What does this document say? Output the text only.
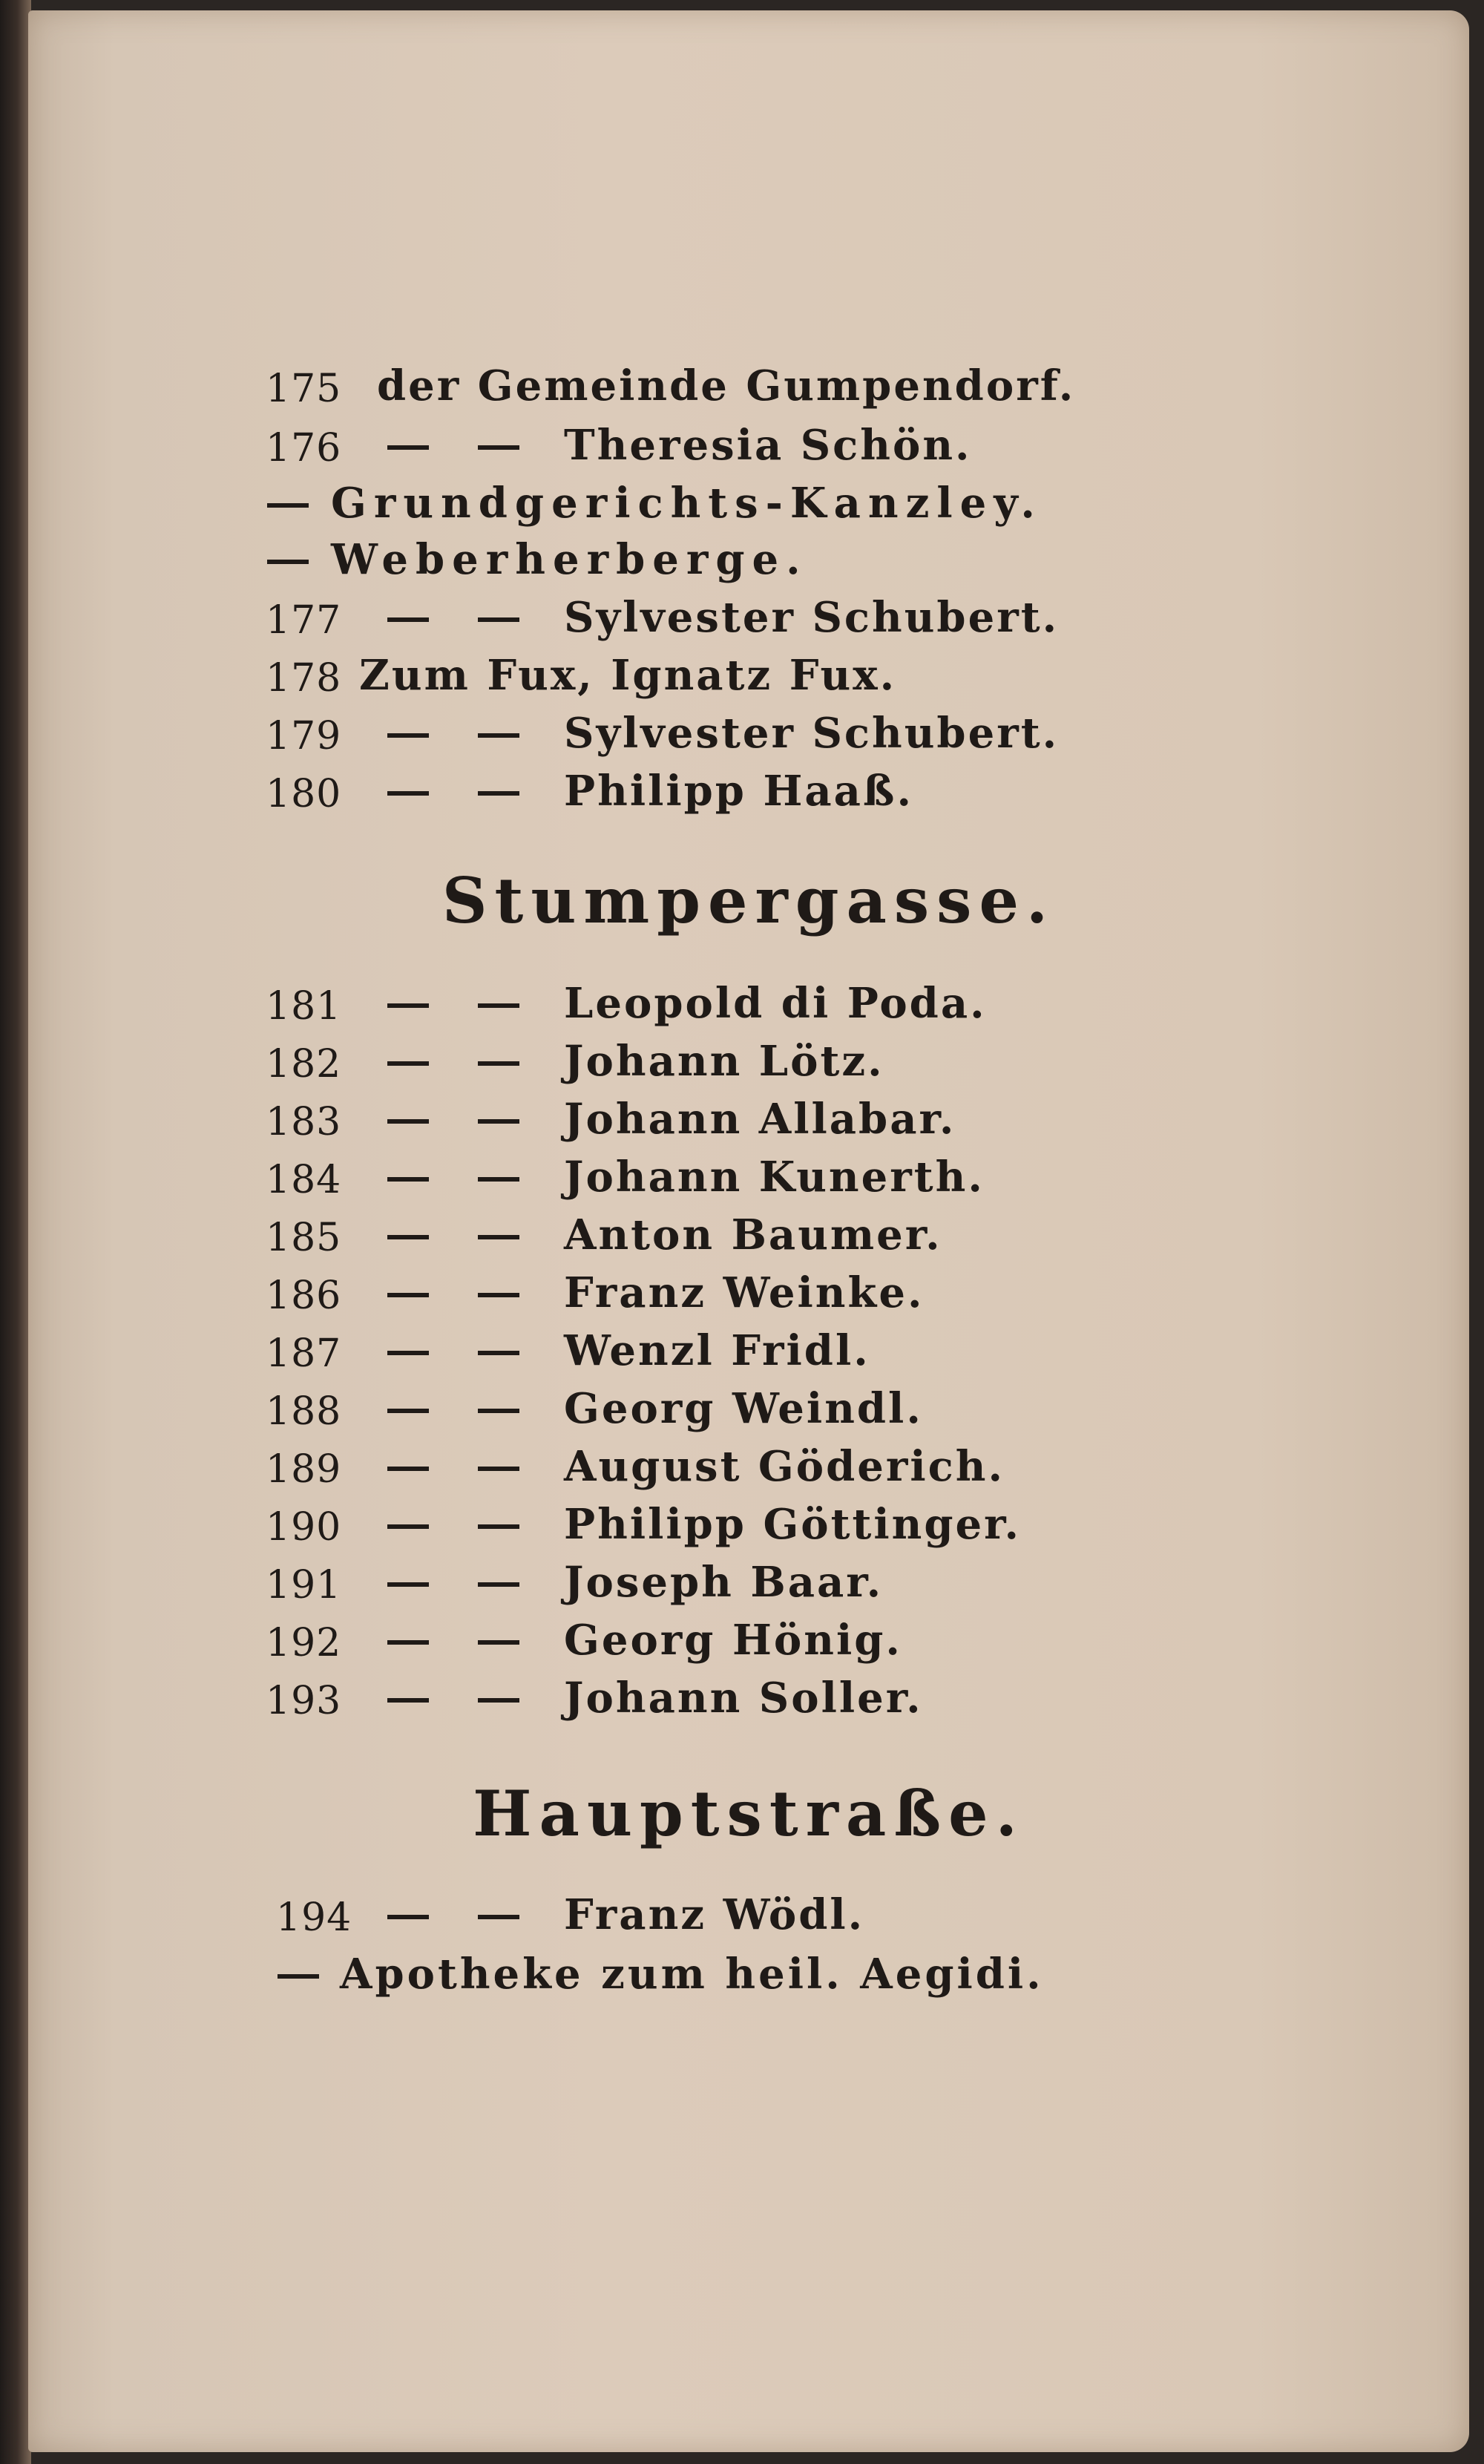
175 der Gemeinde Gumpendorf.
176	Theresia Schön.
Grundgerichts-Kanzley.
Weberherberge.
177	Sylvester Schubert.
178 Zum Fux, Ignatz Fux.
179	Sylvester Schubert.
180	Philipp Haaß.
Stumpergasse.
181	Leopold di Poda.
182	Johann Lötz.
183	Johann Allabar.
184	Johann Kunerth.
185	Anton Baumer.
186	Franz Weinke.
187	Wenzl Fridl.
188	Georg Weindl.
189	August Göderich.
190	Philipp Göttinger.
191	Joseph Baar.
192	Georg Hönig.
193	Johann Soller.
Hauptstraße.
194	Franz Wödl.
Apotheke zum heil. Aegidi.
